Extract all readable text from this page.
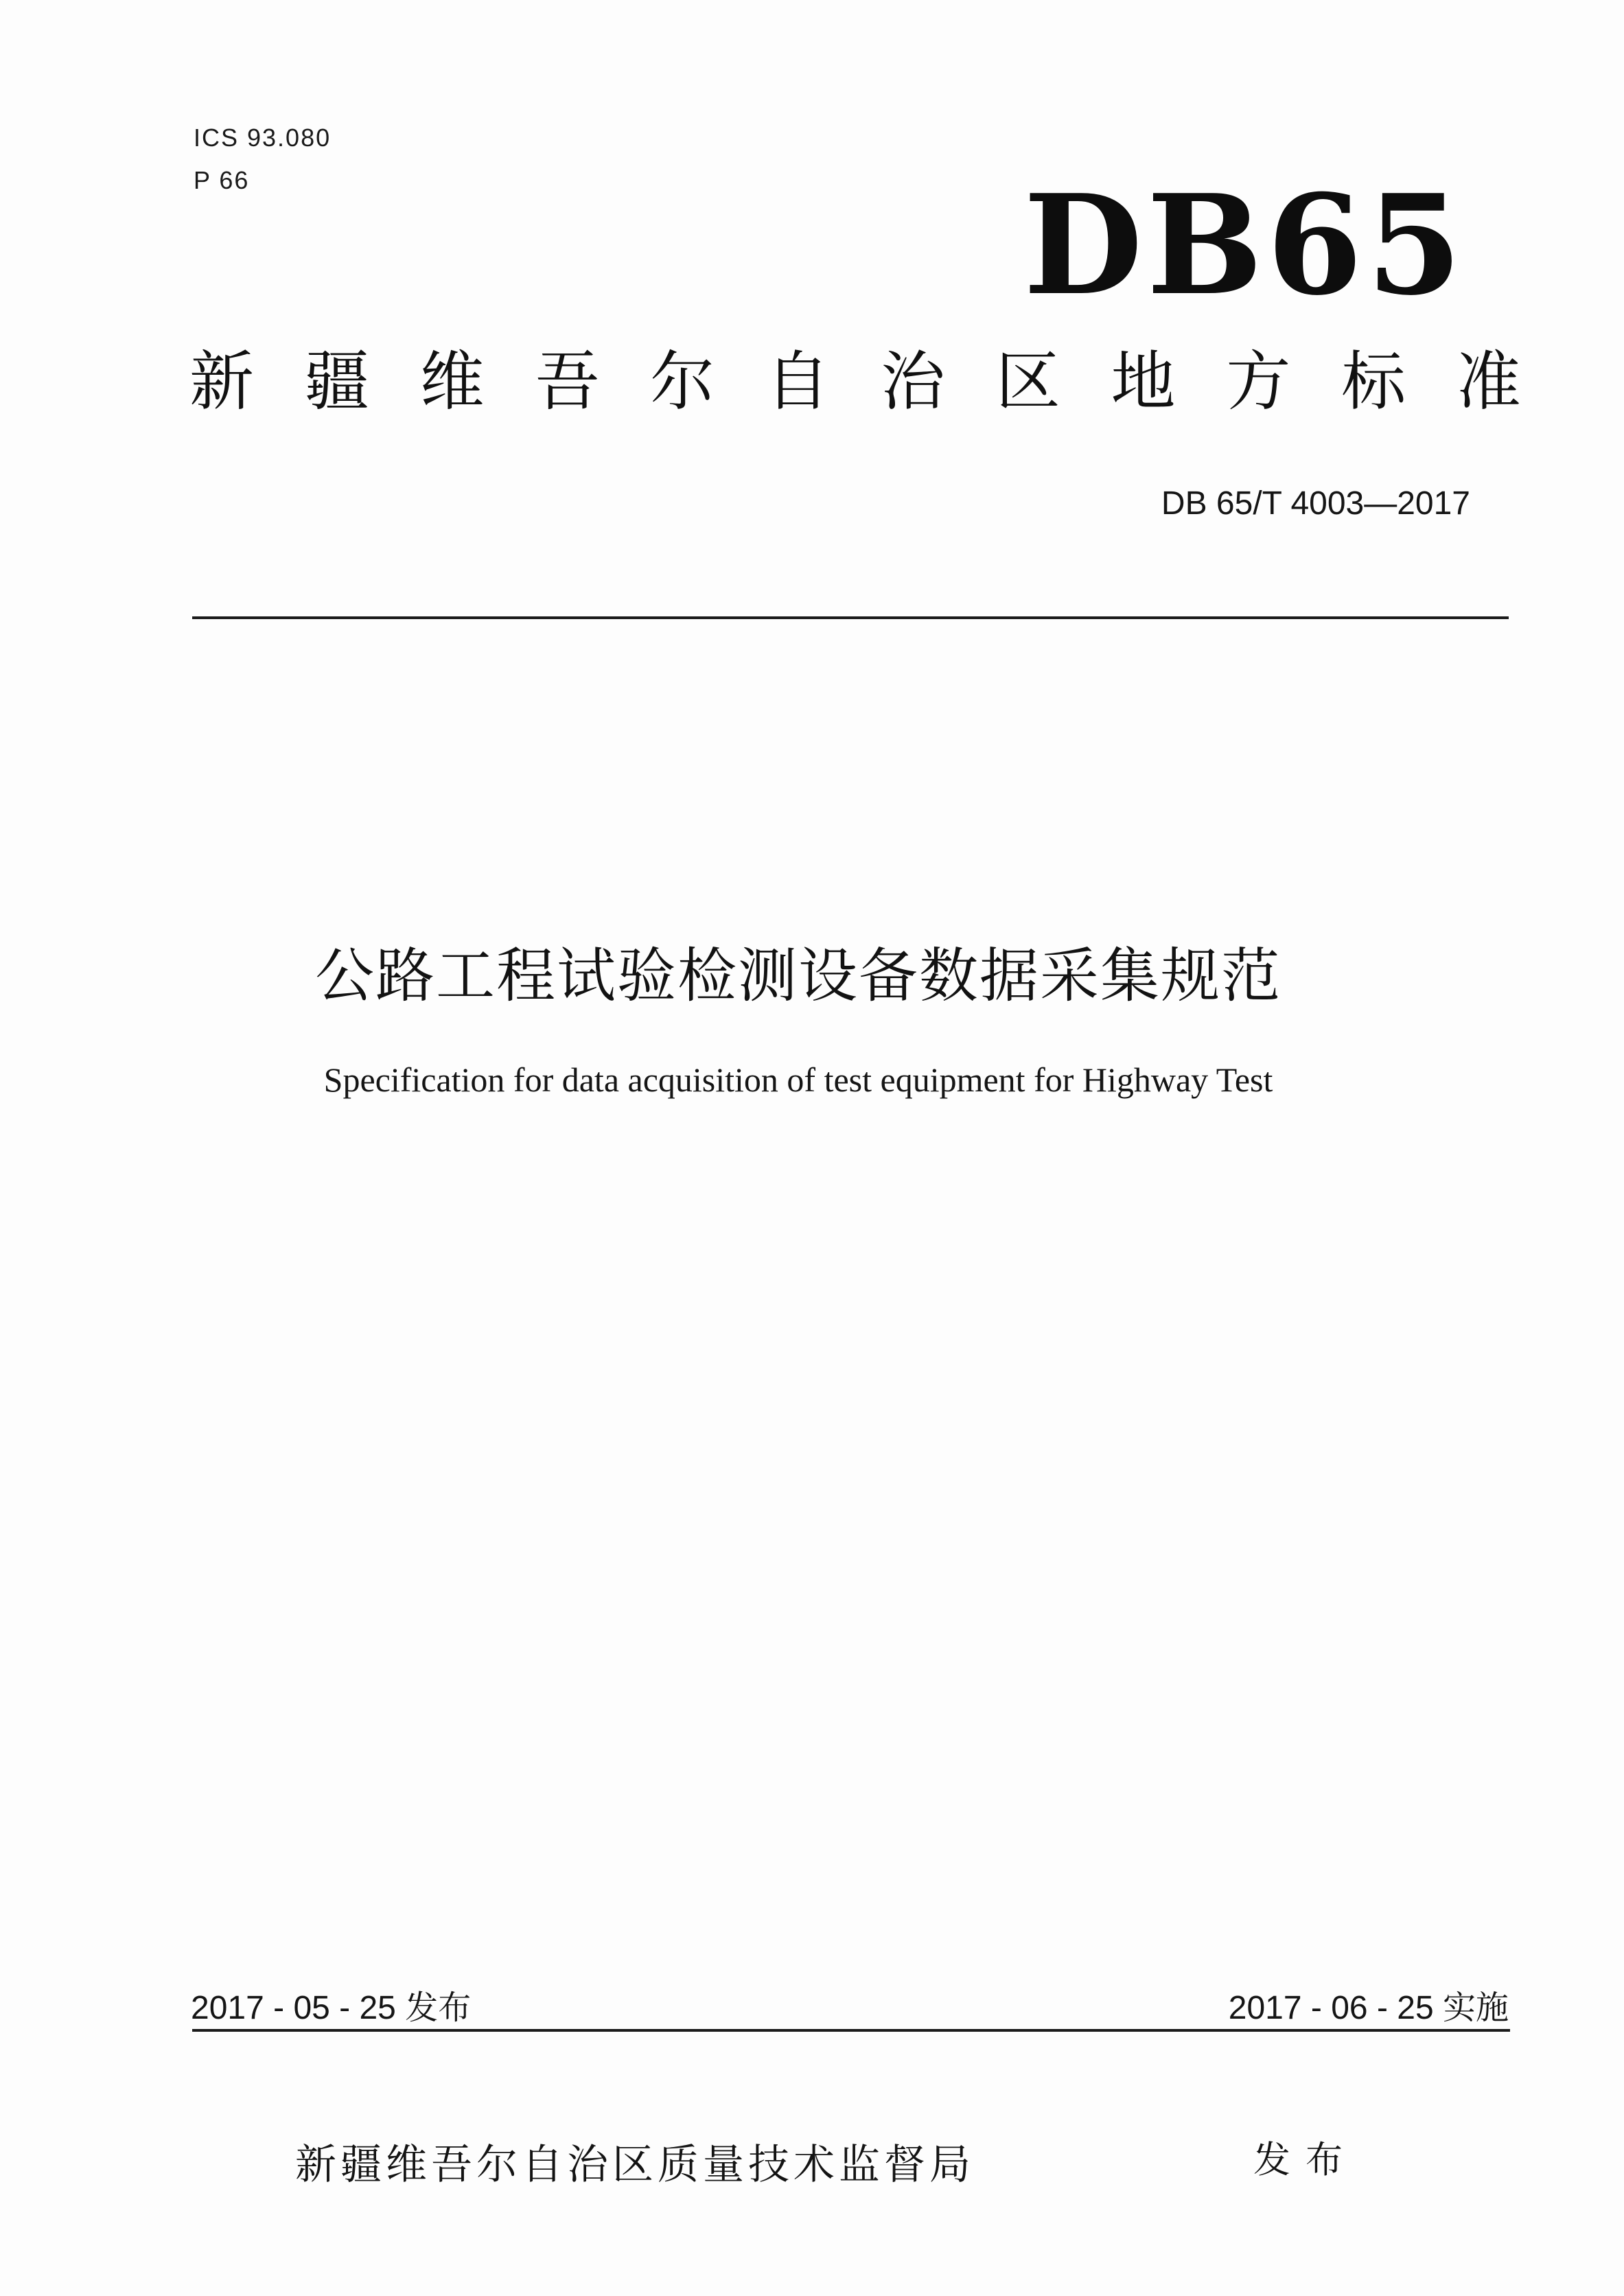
ICS 93.080
P 66	DB65
新 疆 维 吾 尔 自 治 区 地 方 标 准
DB 65/T 4003—2017
公路工程试验检测设备数据采集规范
Specification for data acquisition of test equipment for Highway Test
2017 - 05 - 25 发布	2017 - 06 - 25 实施
新疆维吾尔自治区质量技术监督局	发布
